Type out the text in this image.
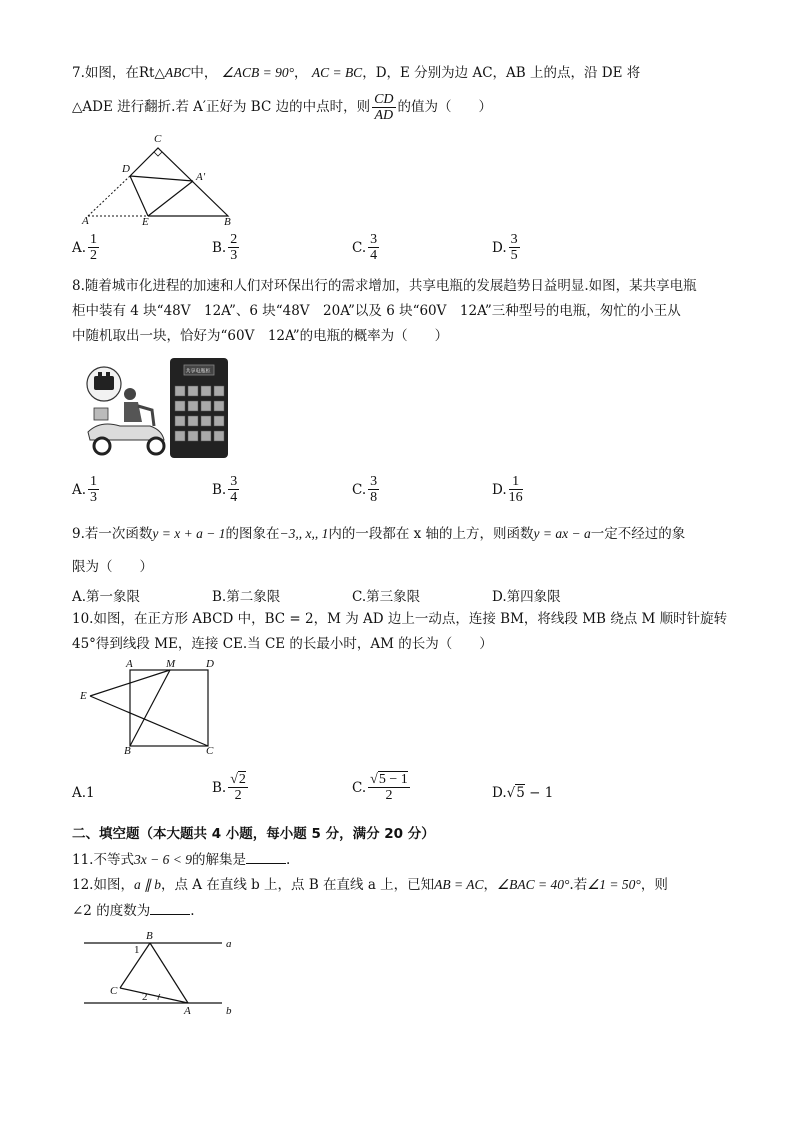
7.如图，在Rt△ABC中， ∠ACB = 90°， AC = BC，D，E 分别为边 AC，AB 上的点，沿 DE 将
△ADE 进行翻折.若 A′正好为 BC 边的中点时，则 $\frac{CD}{AD}$ 的值为（　　）
C
D
A′
A	E	B
A. $\frac{1}{2}$	B. $\frac{2}{3}$	C. $\frac{3}{4}$	D. $\frac{3}{5}$
8.随着城市化进程的加速和人们对环保出行的需求增加，共享电瓶的发展趋势日益明显.如图，某共享电瓶
柜中装有 4 块“48V　12A”、6 块“48V　20A”以及 6 块“60V　12A”三种型号的电瓶，匆忙的小王从
中随机取出一块，恰好为“60V　12A”的电瓶的概率为（　　）
共享电瓶柜
A. $\frac{1}{3}$	B. $\frac{3}{4}$	C. $\frac{3}{8}$	D. $\frac{1}{16}$
9.若一次函数y = x + a − 1的图象在−3,, x,, 1内的一段都在 x 轴的上方，则函数y = ax − a一定不经过的象
限为（　　）
A.第一象限	B.第二象限	C.第三象限	D.第四象限
10.如图，在正方形 ABCD 中，BC = 2，M 为 AD 边上一动点，连接 BM，将线段 MB 绕点 M 顺时针旋转
45°得到线段 ME，连接 CE.当 CE 的长最小时，AM 的长为（　　）
A	M	D
E
B	C
A.1	B. $\frac{√2}{2}$	C. $\frac{√5 - 1}{2}$	D.√5 − 1
二、填空题（本大题共 4 小题，每小题 5 分，满分 20 分）
11.不等式3x − 6 < 9的解集是	.
12.如图，a ∥ b，点 A 在直线 b 上，点 B 在直线 a 上，已知AB = AC，∠BAC = 40°.若∠1 = 50°，则
∠2 的度数为	.
B
a
1
C 2
A	b
